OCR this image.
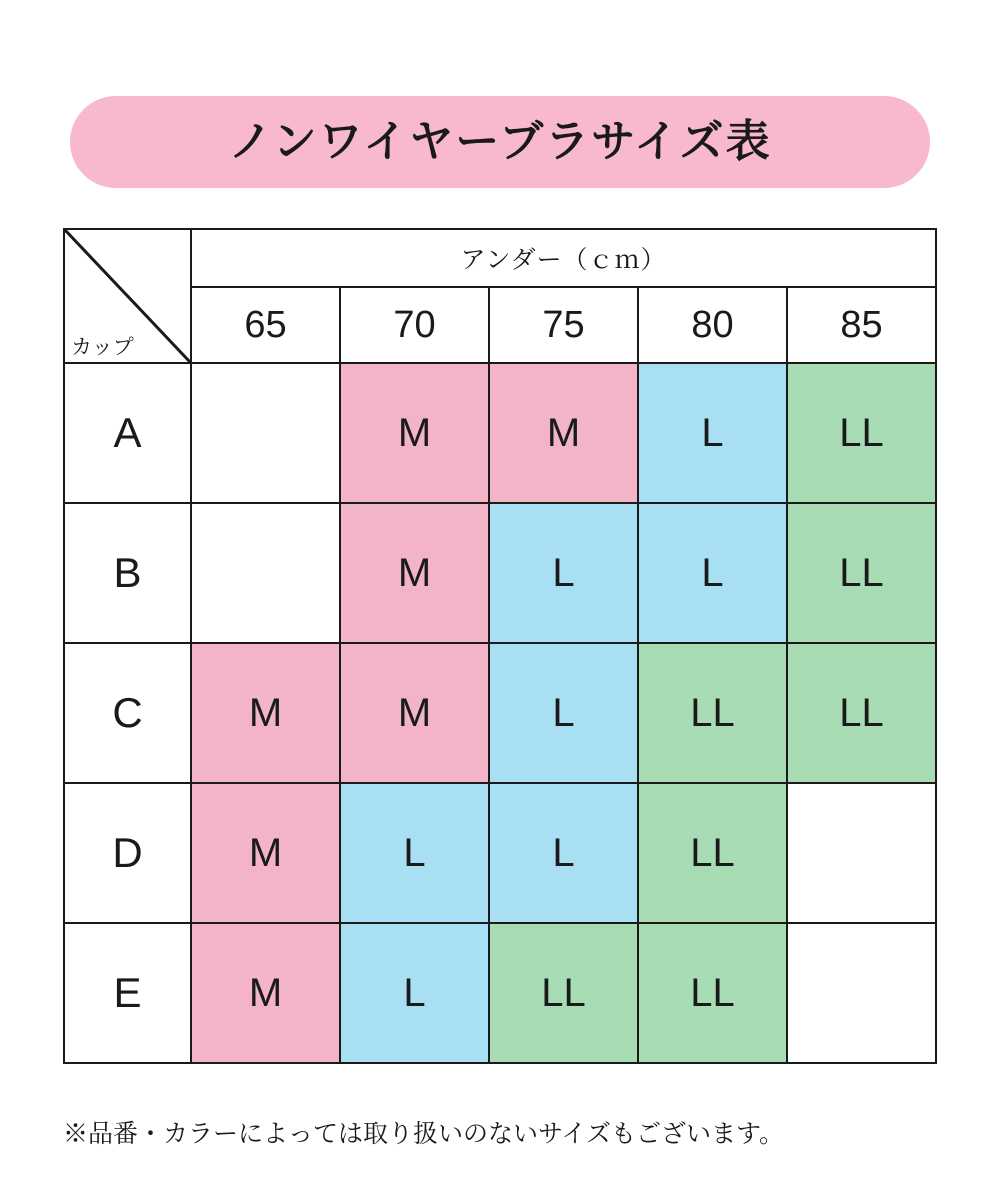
ノンワイヤーブラサイズ表
カップ	アンダー（ｃｍ）				
	65	70	75	80	85
A		M	M	L	LL
B		M	L	L	LL
C	M	M	L	LL	LL
D	M	L	L	LL	
E	M	L	LL	LL	
※品番・カラーによっては取り扱いのないサイズもございます。
